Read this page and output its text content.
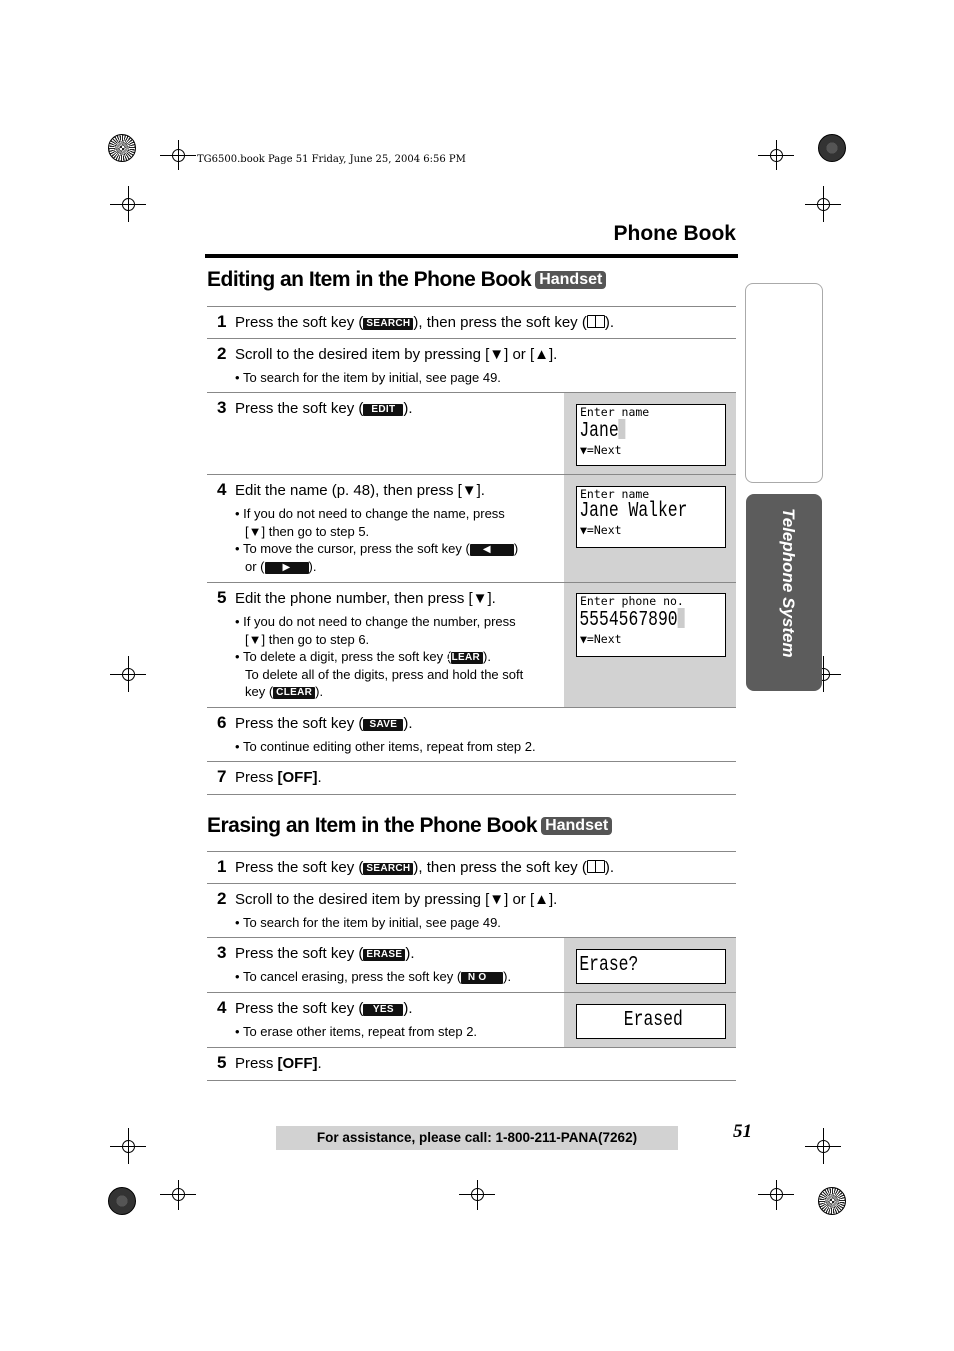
TG6500.book Page 51 Friday, June 25, 2004 6:56 PM
Phone Book
Telephone System
Editing an Item in the Phone Book Handset
1 Press the soft key ( SEARCH ), then press the soft key ( ).
2 Scroll to the desired item by pressing [▼] or [▲].
• To search for the item by initial, see page 49.
Enter name
Jane
▼=Next
3 Press the soft key ( EDIT ).
Enter name
Jane Walker
▼=Next
4 Edit the name (p. 48), then press [▼].
• If you do not need to change the name, press
[▼] then go to step 5.
• To move the cursor, press the soft key ( ◀ )
or ( ▶ ).
Enter phone no.
5554567890
▼=Next
5 Edit the phone number, then press [▼].
• If you do not need to change the number, press
[▼] then go to step 6.
• To delete a digit, press the soft key (CLEAR ).
To delete all of the digits, press and hold the soft
key ( CLEAR ).
6 Press the soft key ( SAVE ).
• To continue editing other items, repeat from step 2.
7 Press [OFF].
Erasing an Item in the Phone Book Handset
1 Press the soft key ( SEARCH ), then press the soft key ( ).
2 Scroll to the desired item by pressing [▼] or [▲].
• To search for the item by initial, see page 49.
Erase?
3 Press the soft key ( ERASE ).
• To cancel erasing, press the soft key ( N O ).
Erased
4 Press the soft key ( YES ).
• To erase other items, repeat from step 2.
5 Press [OFF].
For assistance, please call: 1-800-211-PANA(7262)	51
